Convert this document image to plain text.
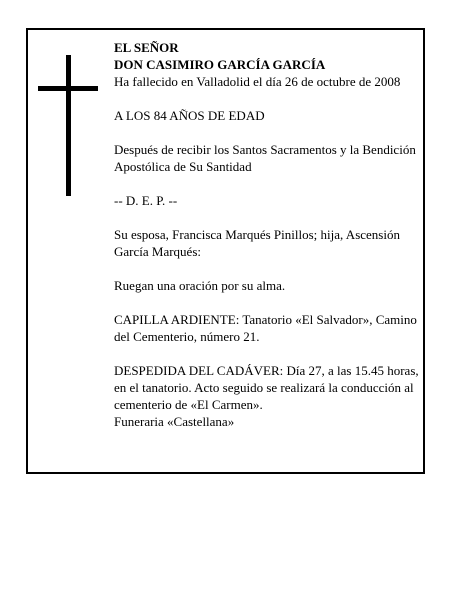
EL SEÑOR

DON CASIMIRO GARCÍA GARCÍA

Ha fallecido en Valladolid el día 26 de octubre de 2008

A LOS 84 AÑOS DE EDAD

Después de recibir los Santos Sacramentos y la Bendición Apostólica de Su Santidad

-- D. E. P. --

Su esposa, Francisca Marqués Pinillos; hija, Ascensión García Marqués:

Ruegan una oración por su alma.

CAPILLA ARDIENTE: Tanatorio «El Salvador», Camino del Cementerio, número 21.

DESPEDIDA DEL CADÁVER: Día 27, a las 15.45 horas, en el tanatorio. Acto seguido se realizará la conducción al cementerio de «El Carmen».

Funeraria «Castellana»
